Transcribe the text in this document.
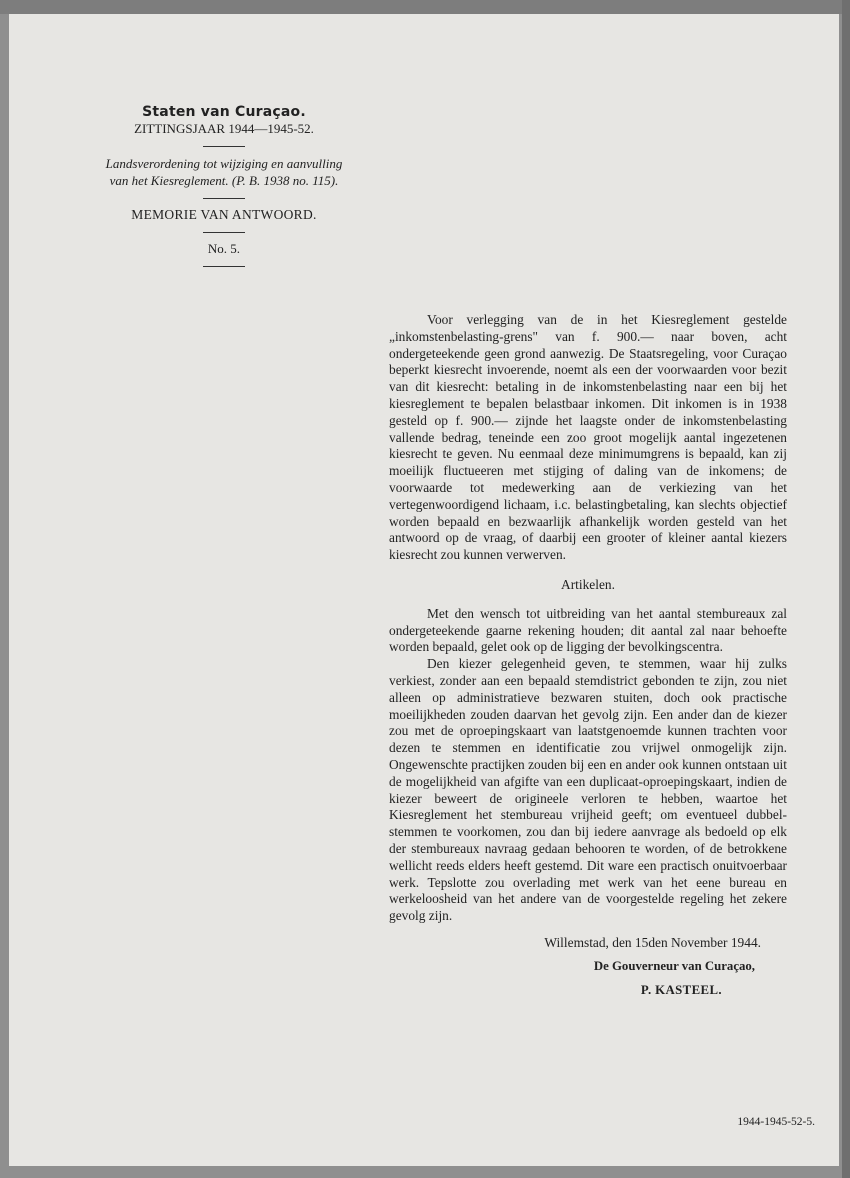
Staten van Curaçao.
ZITTINGSJAAR 1944—1945-52.
Landsverordening tot wijziging en aanvulling
van het Kiesreglement. (P. B. 1938 no. 115).
MEMORIE VAN ANTWOORD.
No. 5.

Voor verlegging van de in het Kiesreglement gestelde „inkomstenbelasting-grens" van f. 900.— naar boven, acht ondergeteekende geen grond aanwezig. De Staatsregeling, voor Curaçao beperkt kiesrecht invoerende, noemt als een der voorwaarden voor bezit van dit kiesrecht: betaling in de inkomstenbelasting naar een bij het kiesreglement te bepalen belastbaar inkomen. Dit inkomen is in 1938 gesteld op f. 900.— zijnde het laagste onder de inkomstenbelasting vallende bedrag, teneinde een zoo groot mogelijk aantal ingezetenen kiesrecht te geven. Nu eenmaal deze minimumgrens is bepaald, kan zij moeilijk fluctueeren met stijging of daling van de inkomens; de voorwaarde tot medewerking aan de verkiezing van het vertegenwoordigend lichaam, i.c. belastingbetaling, kan slechts objectief worden bepaald en bezwaarlijk afhankelijk worden gesteld van het antwoord op de vraag, of daarbij een grooter of kleiner aantal kiezers kiesrecht zou kunnen verwerven.

Artikelen.

Met den wensch tot uitbreiding van het aantal stembureaux zal ondergeteekende gaarne rekening houden; dit aantal zal naar behoefte worden bepaald, gelet ook op de ligging der bevolkingscentra.

Den kiezer gelegenheid geven, te stemmen, waar hij zulks verkiest, zonder aan een bepaald stemdistrict gebonden te zijn, zou niet alleen op administratieve bezwaren stuiten, doch ook practische moeilijkheden zouden daarvan het gevolg zijn. Een ander dan de kiezer zou met de oproepingskaart van laatstgenoemde kunnen trachten voor dezen te stemmen en identificatie zou vrijwel onmogelijk zijn. Ongewenschte practijken zouden bij een en ander ook kunnen ontstaan uit de mogelijkheid van afgifte van een duplicaat-oproepingskaart, indien de kiezer beweert de origineele verloren te hebben, waartoe het Kiesreglement het stembureau vrijheid geeft; om eventueel dubbel-stemmen te voorkomen, zou dan bij iedere aanvrage als bedoeld op elk der stembureaux navraag gedaan behooren te worden, of de betrokkene wellicht reeds elders heeft gestemd. Dit ware een practisch onuitvoerbaar werk. Tepslotte zou overlading met werk van het eene bureau en werkeloosheid van het andere van de voorgestelde regeling het zekere gevolg zijn.

Willemstad, den 15den November 1944.
De Gouverneur van Curaçao,
P. KASTEEL.
1944-1945-52-5.
